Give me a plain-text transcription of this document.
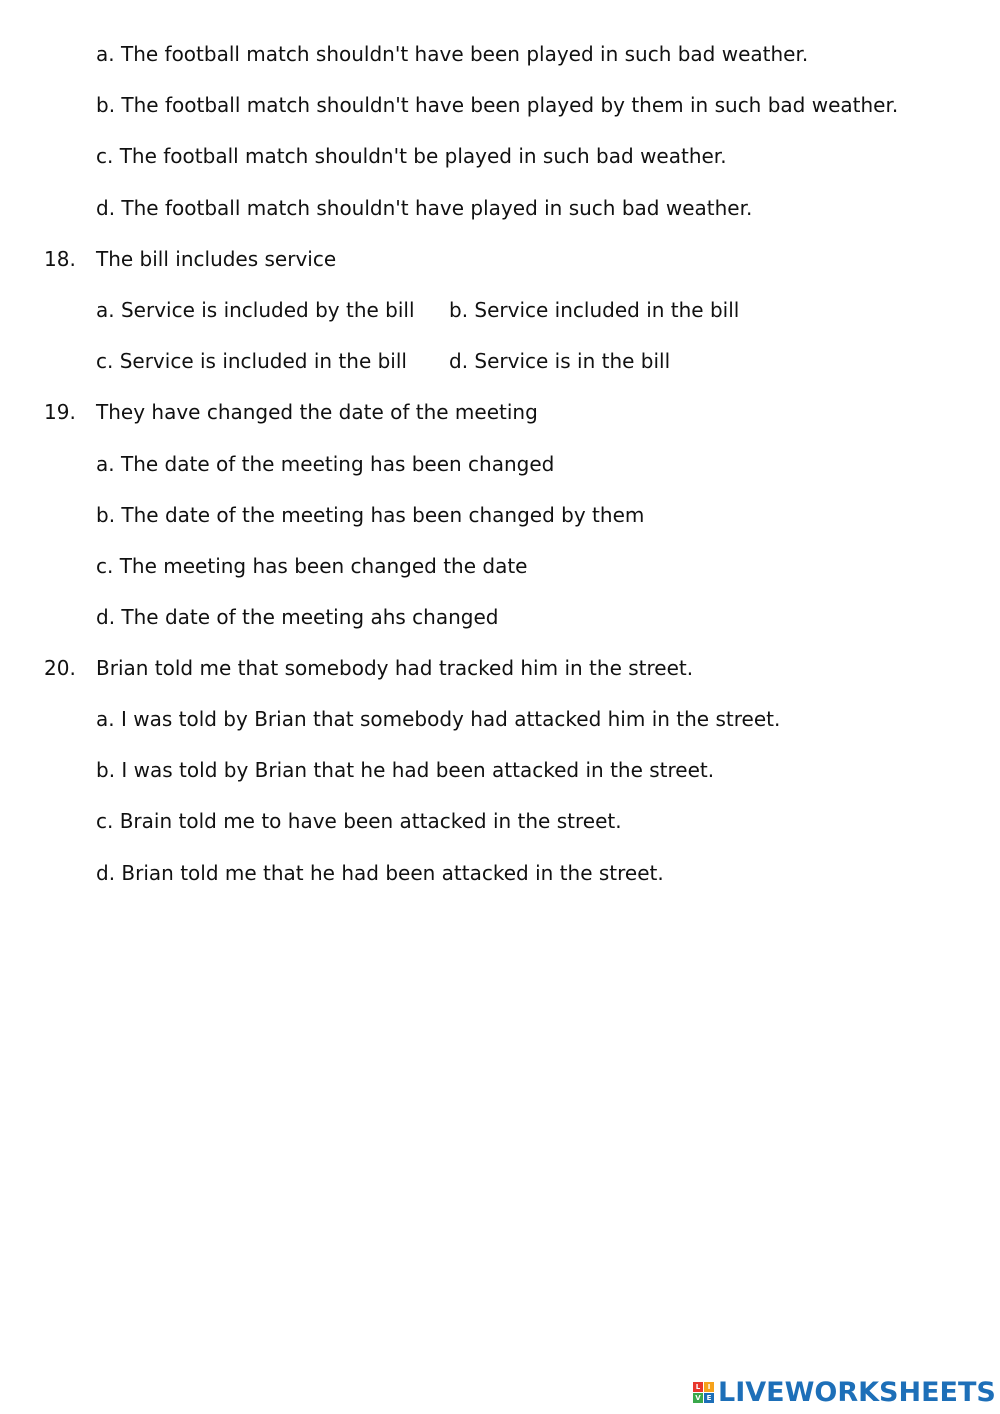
a. The football match shouldn't have been played in such bad weather.
b. The football match shouldn't have been played by them in such bad weather.
c. The football match shouldn't be played in such bad weather.
d. The football match shouldn't have played in such bad weather.
18. The bill includes service
a. Service is included by the bill b. Service included in the bill
c. Service is included in the bill d. Service is in the bill
19. They have changed the date of the meeting
a. The date of the meeting has been changed
b. The date of the meeting has been changed by them
c. The meeting has been changed the date
d. The date of the meeting ahs changed
20. Brian told me that somebody had tracked him in the street.
a. I was told by Brian that somebody had attacked him in the street.
b. I was told by Brian that he had been attacked in the street.
c. Brain told me to have been attacked in the street.
d. Brian told me that he had been attacked in the street.
L	I
V E LIVEWORKSHEETS
